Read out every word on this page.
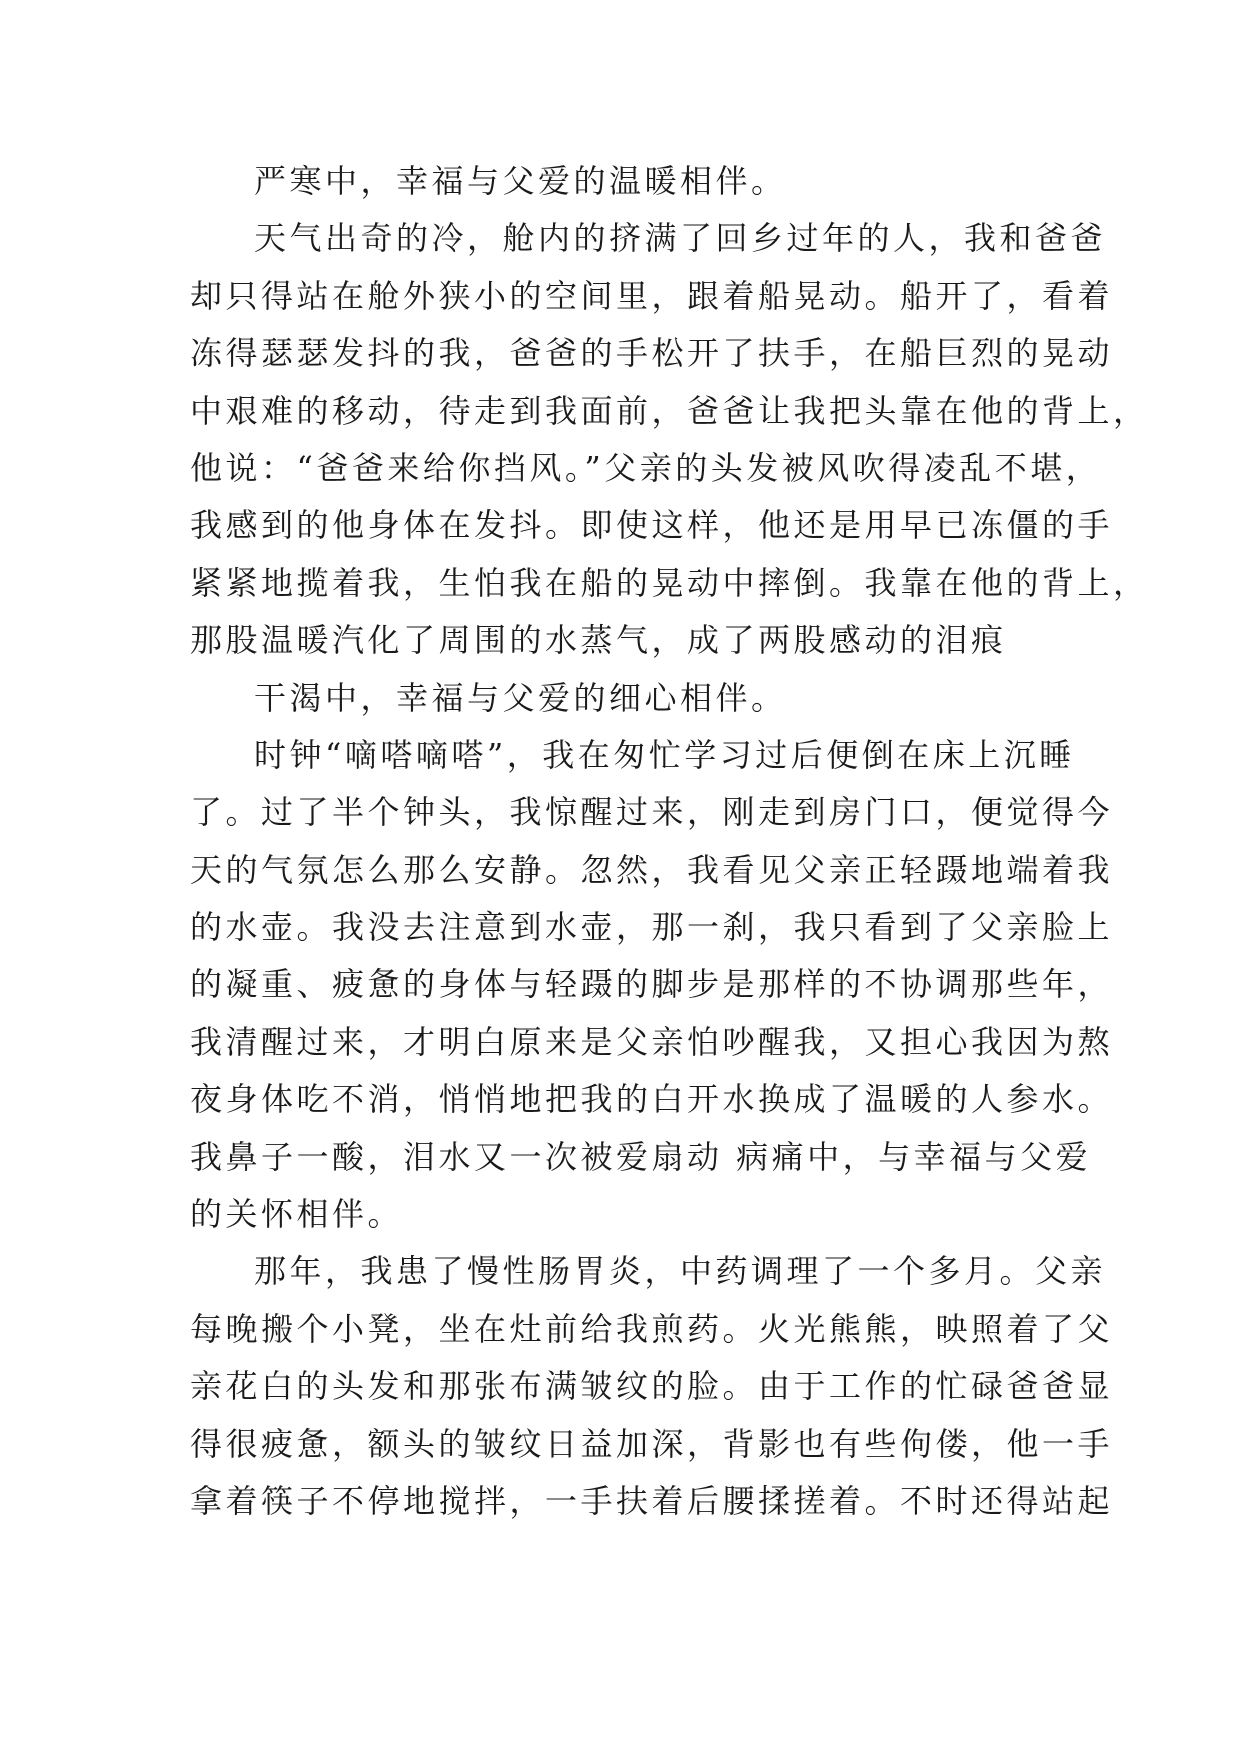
严寒中，幸福与父爱的温暖相伴。
天气出奇的冷，舱内的挤满了回乡过年的人，我和爸爸
却只得站在舱外狭小的空间里，跟着船晃动。船开了，看着
冻得瑟瑟发抖的我，爸爸的手松开了扶手，在船巨烈的晃动
中艰难的移动，待走到我面前，爸爸让我把头靠在他的背上，
他说：“爸爸来给你挡风。”父亲的头发被风吹得凌乱不堪，
我感到的他身体在发抖。即使这样，他还是用早已冻僵的手
紧紧地揽着我，生怕我在船的晃动中摔倒。我靠在他的背上，
那股温暖汽化了周围的水蒸气，成了两股感动的泪痕
干渴中，幸福与父爱的细心相伴。
时钟“嘀嗒嘀嗒”，我在匆忙学习过后便倒在床上沉睡
了。过了半个钟头，我惊醒过来，刚走到房门口，便觉得今
天的气氛怎么那么安静。忽然，我看见父亲正轻蹑地端着我
的水壶。我没去注意到水壶，那一刹，我只看到了父亲脸上
的凝重、疲惫的身体与轻蹑的脚步是那样的不协调那些年，
我清醒过来，才明白原来是父亲怕吵醒我，又担心我因为熬
夜身体吃不消，悄悄地把我的白开水换成了温暖的人参水。
我鼻子一酸，泪水又一次被爱扇动 病痛中，与幸福与父爱
的关怀相伴。
那年，我患了慢性肠胃炎，中药调理了一个多月。父亲
每晚搬个小凳，坐在灶前给我煎药。火光熊熊，映照着了父
亲花白的头发和那张布满皱纹的脸。由于工作的忙碌爸爸显
得很疲惫，额头的皱纹日益加深，背影也有些佝偻，他一手
拿着筷子不停地搅拌，一手扶着后腰揉搓着。不时还得站起
